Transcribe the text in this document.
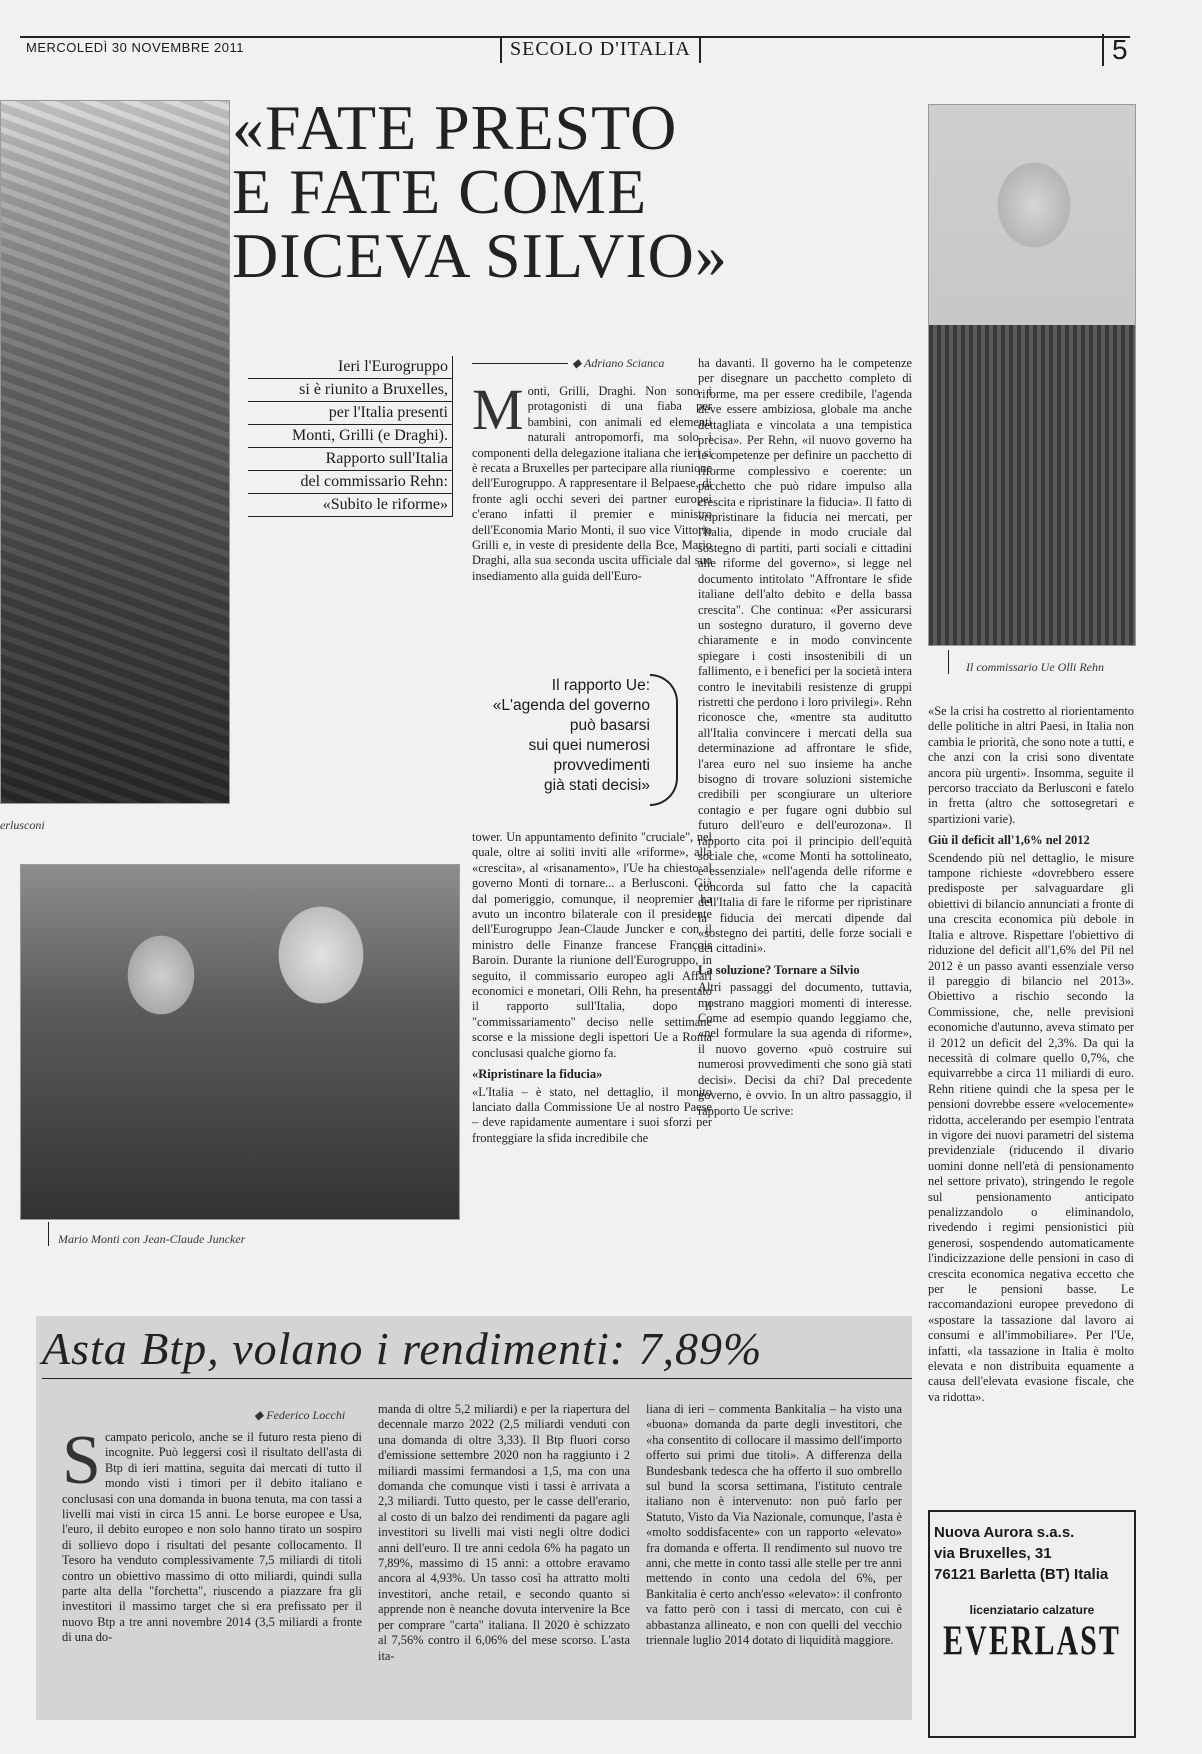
MERCOLEDÌ 30 NOVEMBRE 2011	SECOLO D'ITALIA	5
«FATE PRESTO
E FATE COME
DICEVA SILVIO»
erlusconi
Il commissario Ue Olli Rehn
Mario Monti con Jean-Claude Juncker
Ieri l'Eurogruppo
si è riunito a Bruxelles,
per l'Italia presenti
Monti, Grilli (e Draghi).
Rapporto sull'Italia
del commissario Rehn:
«Subito le riforme»
◆ Adriano Scianca
Monti, Grilli, Draghi. Non sono i protagonisti di una fiaba per bambini, con animali ed elementi naturali antropomorfi, ma solo i componenti della delegazione italiana che ieri si è recata a Bruxelles per partecipare alla riunione dell'Eurogruppo. A rappresentare il Belpaese, di fronte agli occhi severi dei partner europei c'erano infatti il premier e ministro dell'Economia Mario Monti, il suo vice Vittorio Grilli e, in veste di presidente della Bce, Mario Draghi, alla sua seconda uscita ufficiale dal suo insediamento alla guida dell'Euro-
Il rapporto Ue:
«L'agenda del governo
può basarsi
sui quei numerosi
provvedimenti
già stati decisi»

tower. Un appuntamento definito "cruciale", nel quale, oltre ai soliti inviti alle «riforme», alla «crescita», al «risanamento», l'Ue ha chiesto al governo Monti di tornare... a Berlusconi. Già dal pomeriggio, comunque, il neopremier ha avuto un incontro bilaterale con il presidente dell'Eurogruppo Jean-Claude Juncker e con il ministro delle Finanze francese François Baroin. Durante la riunione dell'Eurogruppo, in seguito, il commissario europeo agli Affari economici e monetari, Olli Rehn, ha presentato il rapporto sull'Italia, dopo il "commissariamento" deciso nelle settimane scorse e la missione degli ispettori Ue a Roma conclusasi qualche giorno fa.

«Ripristinare la fiducia»

«L'Italia – è stato, nel dettaglio, il monito lanciato dalla Commissione Ue al nostro Paese – deve rapidamente aumentare i suoi sforzi per fronteggiare la sfida incredibile che

ha davanti. Il governo ha le competenze per disegnare un pacchetto completo di riforme, ma per essere credibile, l'agenda deve essere ambiziosa, globale ma anche dettagliata e vincolata a una tempistica precisa». Per Rehn, «il nuovo governo ha le competenze per definire un pacchetto di riforme complessivo e coerente: un pacchetto che può ridare impulso alla crescita e ripristinare la fiducia». Il fatto di «ripristinare la fiducia nei mercati, per l'Italia, dipende in modo cruciale dal sostegno di partiti, parti sociali e cittadini alle riforme del governo», si legge nel documento intitolato "Affrontare le sfide italiane dell'alto debito e della bassa crescita". Che continua: «Per assicurarsi un sostegno duraturo, il governo deve chiaramente e in modo convincente spiegare i costi insostenibili di un fallimento, e i benefici per la società intera contro le inevitabili resistenze di gruppi ristretti che perdono i loro privilegi». Rehn riconosce che, «mentre sta auditutto all'Italia convincere i mercati della sua determinazione ad affrontare le sfide, l'area euro nel suo insieme ha anche bisogno di trovare soluzioni sistemiche credibili per scongiurare un ulteriore contagio e per fugare ogni dubbio sul futuro dell'euro e dell'eurozona». Il rapporto cita poi il principio dell'equità sociale che, «come Monti ha sottolineato, è essenziale» nell'agenda delle riforme e concorda sul fatto che la capacità dell'Italia di fare le riforme per ripristinare la fiducia dei mercati dipende dal «sostegno dei partiti, delle forze sociali e dei cittadini».

La soluzione? Tornare a Silvio

Altri passaggi del documento, tuttavia, mostrano maggiori momenti di interesse. Come ad esempio quando leggiamo che, «nel formulare la sua agenda di riforme», il nuovo governo «può costruire sui numerosi provvedimenti che sono già stati decisi». Decisi da chi? Dal precedente governo, è ovvio. In un altro passaggio, il rapporto Ue scrive:

«Se la crisi ha costretto al riorientamento delle politiche in altri Paesi, in Italia non cambia le priorità, che sono note a tutti, e che anzi con la crisi sono diventate ancora più urgenti». Insomma, seguite il percorso tracciato da Berlusconi e fatelo in fretta (altro che sottosegretari e spartizioni varie).

Giù il deficit all'1,6% nel 2012

Scendendo più nel dettaglio, le misure tampone richieste «dovrebbero essere predisposte per salvaguardare gli obiettivi di bilancio annunciati a fronte di una crescita economica più debole in Italia e altrove. Rispettare l'obiettivo di riduzione del deficit all'1,6% del Pil nel 2012 è un passo avanti essenziale verso il pareggio di bilancio nel 2013». Obiettivo a rischio secondo la Commissione, che, nelle previsioni economiche d'autunno, aveva stimato per il 2012 un deficit del 2,3%. Da qui la necessità di colmare quello 0,7%, che equivarrebbe a circa 11 miliardi di euro. Rehn ritiene quindi che la spesa per le pensioni dovrebbe essere «velocemente» ridotta, accelerando per esempio l'entrata in vigore dei nuovi parametri del sistema previdenziale (riducendo il divario uomini donne nell'età di pensionamento nel settore privato), stringendo le regole sul pensionamento anticipato penalizzandolo o eliminandolo, rivedendo i regimi pensionistici più generosi, sospendendo automaticamente l'indicizzazione delle pensioni in caso di crescita economica negativa eccetto che per le pensioni basse. Le raccomandazioni europee prevedono di «spostare la tassazione dal lavoro ai consumi e all'immobiliare». Per l'Ue, infatti, «la tassazione in Italia è molto elevata e non distribuita equamente a causa dell'elevata evasione fiscale, che va ridotta».

Asta Btp, volano i rendimenti: 7,89%
◆ Federico Locchi
Scampato pericolo, anche se il futuro resta pieno di incognite. Può leggersi così il risultato dell'asta di Btp di ieri mattina, seguita dai mercati di tutto il mondo visti i timori per il debito italiano e conclusasi con una domanda in buona tenuta, ma con tassi a livelli mai visti in circa 15 anni. Le borse europee e Usa, l'euro, il debito europeo e non solo hanno tirato un sospiro di sollievo dopo i risultati del pesante collocamento. Il Tesoro ha venduto complessivamente 7,5 miliardi di titoli contro un obiettivo massimo di otto miliardi, quindi sulla parte alta della "forchetta", riuscendo a piazzare fra gli investitori il massimo target che si era prefissato per il nuovo Btp a tre anni novembre 2014 (3,5 miliardi a fronte di una do-

manda di oltre 5,2 miliardi) e per la riapertura del decennale marzo 2022 (2,5 miliardi venduti con una domanda di oltre 3,33). Il Btp fluori corso d'emissione settembre 2020 non ha raggiunto i 2 miliardi massimi fermandosi a 1,5, ma con una domanda che comunque visti i tassi è arrivata a 2,3 miliardi. Tutto questo, per le casse dell'erario, al costo di un balzo dei rendimenti da pagare agli investitori su livelli mai visti negli oltre dodici anni dell'euro. Il tre anni cedola 6% ha pagato un 7,89%, massimo di 15 anni: a ottobre eravamo ancora al 4,93%. Un tasso così ha attratto molti investitori, anche retail, e secondo quanto si apprende non è neanche dovuta intervenire la Bce per comprare "carta" italiana. Il 2020 è schizzato al 7,56% contro il 6,06% del mese scorso. L'asta ita-

liana di ieri – commenta Bankitalia – ha visto una «buona» domanda da parte degli investitori, che «ha consentito di collocare il massimo dell'importo offerto sui primi due titoli». A differenza della Bundesbank tedesca che ha offerto il suo ombrello sul bund la scorsa settimana, l'istituto centrale italiano non è intervenuto: non può farlo per Statuto, Visto da Via Nazionale, comunque, l'asta è «molto soddisfacente» con un rapporto «elevato» fra domanda e offerta. Il rendimento sul nuovo tre anni, che mette in conto tassi alle stelle per tre anni mettendo in conto una cedola del 6%, per Bankitalia è certo anch'esso «elevato»: il confronto va fatto però con i tassi di mercato, con cui è abbastanza allineato, e non con quelli del vecchio triennale luglio 2014 dotato di liquidità maggiore.

Nuova Aurora s.a.s.
via Bruxelles, 31
76121 Barletta (BT) Italia
licenziatario calzature
EVERLAST
